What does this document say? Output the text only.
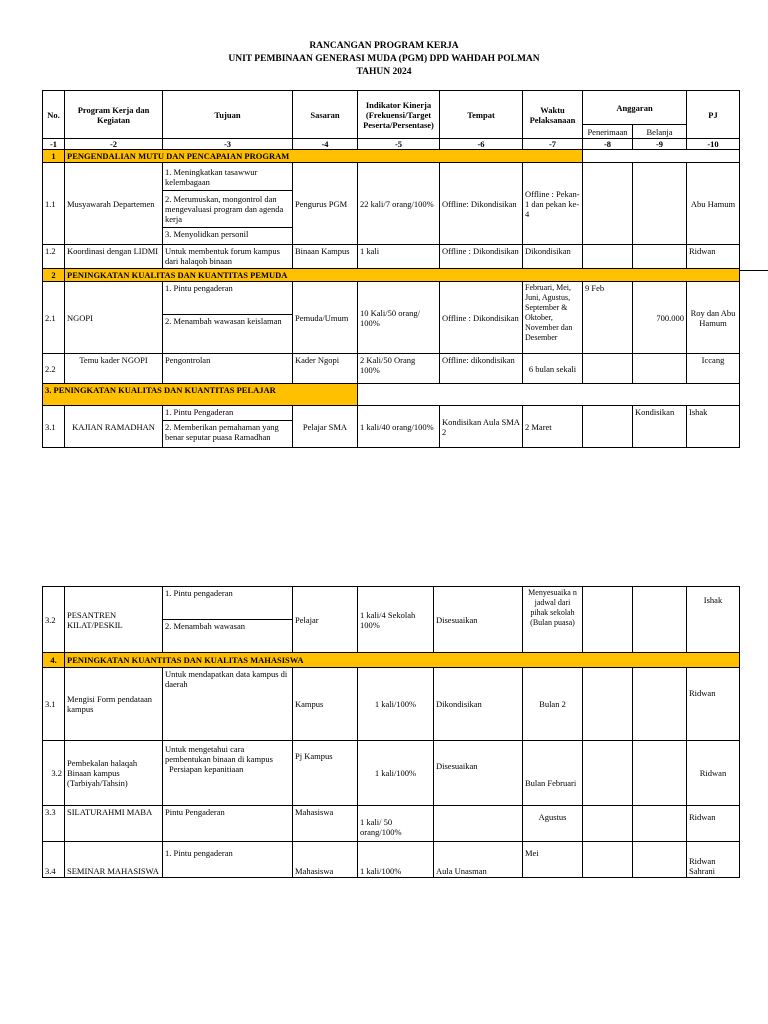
RANCANGAN PROGRAM KERJA
UNIT PEMBINAAN GENERASI MUDA (PGM) DPD WAHDAH POLMAN
TAHUN 2024
No.	Program Kerja dan Kegiatan	Tujuan	Sasaran	Indikator Kinerja (Frekuensi/Target Peserta/Persentase)	Tempat	Waktu Pelaksanaan	Anggaran		PJ
							Penerimaan	Belanja	
-1	-2	-3	-4	-5	-6	-7	-8	-9	-10
1	PENGENDALIAN MUTU DAN PENCAPAIAN PROGRAM								
1.1	Musyawarah Departemen	1. Meningkatkan tasawwur kelembagaan
2. Merumuskan, mongontrol dan mengevaluasi program dan agenda kerja
3. Menyolidkan personil	Pengurus PGM	22 kali/7 orang/100%	Offline: Dikondisikan	Offline : Pekan-1 dan pekan ke-4			Abu Hamum
1.2	Koordinasi dengan LIDMI	Untuk membentuk forum kampus dari halaqoh binaan	Binaan Kampus	1 kali	Offline : Dikondisikan	Dikondisikan			Ridwan
2	PENINGKATAN KUALITAS DAN KUANTITAS PEMUDA								
2.1	NGOPI	1. Pintu pengaderan
2. Menambah wawasan keislaman	Pemuda/Umum	10 Kali/50 orang/ 100%	Offline : Dikondisikan	Februari, Mei, Juni, Agustus, September & Oktober, November dan Desember	9 Feb	700.000	Roy dan Abu Hamum
2.2	Temu kader NGOPI	Pengontrolan	Kader Ngopi	2 Kali/50 Orang 100%	Offline: dikondisikan	6 bulan sekali			Iccang
3. PENINGKATAN KUALITAS DAN KUANTITAS PELAJAR									
3.1	KAJIAN RAMADHAN	1. Pintu Pengaderan
2. Memberikan pemahaman yang benar seputar puasa Ramadhan	Pelajar SMA	1 kali/40 orang/100%	Kondisikan Aula SMA 2	2 Maret		Kondisikan	Ishak
3.2	PESANTREN KILAT/PESKIL	1. Pintu pengaderan
2. Menambah wawasan	Pelajar	1 kali/4 Sekolah 100%	Disesuaikan	Menyesuaika n jadwal dari pihak sekolah (Bulan puasa)			Ishak
4.	PENINGKATAN KUANTITAS DAN KUALITAS MAHASISWA								
3.1	Mengisi Form pendataan kampus	Untuk mendapatkan data kampus di daerah	Kampus	1 kali/100%	Dikondisikan	Bulan 2			Ridwan
3.2	Pembekalan halaqah Binaan kampus (Tarbiyah/Tahsin)	Untuk mengetahui cara pembentukan binaan di kampus
Persiapan kepanitiaan	Pj Kampus	1 kali/100%	Disesuaikan	Bulan Februari			Ridwan
3.3	SILATURAHMI MABA	Pintu Pengaderan	Mahasiswa	1 kali/ 50 orang/100%		Agustus			Ridwan
3.4	SEMINAR MAHASISWA	1. Pintu pengaderan	Mahasiswa	1 kali/100%	Aula Unasman	Mei			Ridwan Sahrani
